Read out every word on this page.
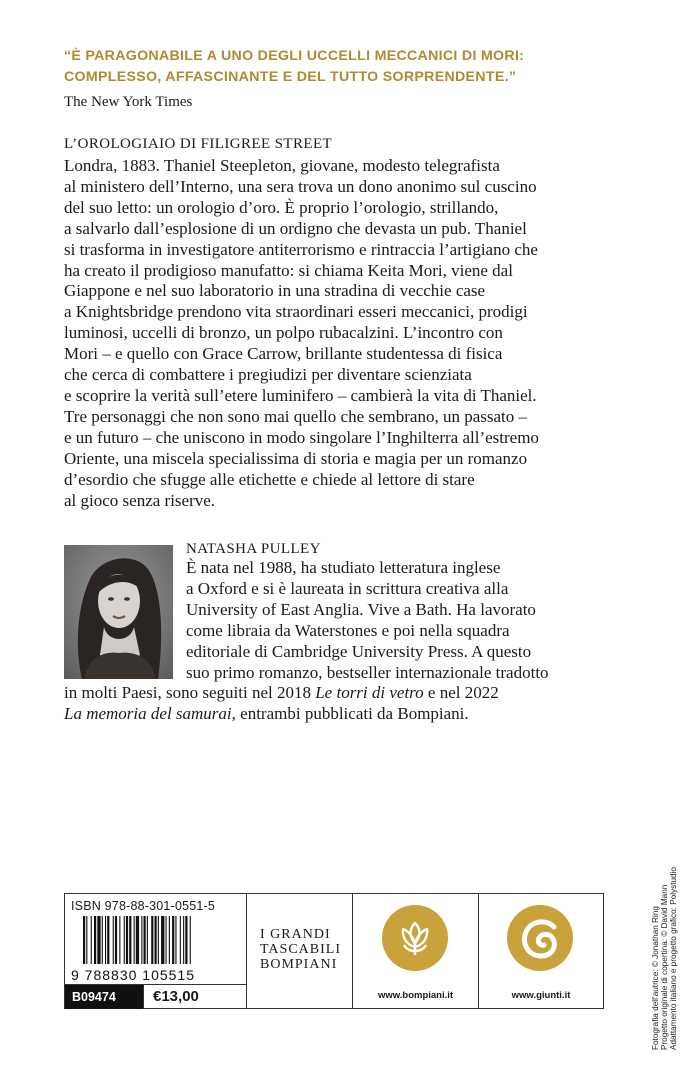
“È PARAGONABILE A UNO DEGLI UCCELLI MECCANICI DI MORI:
COMPLESSO, AFFASCINANTE E DEL TUTTO SORPRENDENTE.”
The New York Times
L’OROLOGIAIO DI FILIGREE STREET
Londra, 1883. Thaniel Steepleton, giovane, modesto telegrafista
al ministero dell’Interno, una sera trova un dono anonimo sul cuscino
del suo letto: un orologio d’oro. È proprio l’orologio, strillando,
a salvarlo dall’esplosione di un ordigno che devasta un pub. Thaniel
si trasforma in investigatore antiterrorismo e rintraccia l’artigiano che
ha creato il prodigioso manufatto: si chiama Keita Mori, viene dal
Giappone e nel suo laboratorio in una stradina di vecchie case
a Knightsbridge prendono vita straordinari esseri meccanici, prodigi
luminosi, uccelli di bronzo, un polpo rubacalzini. L’incontro con
Mori – e quello con Grace Carrow, brillante studentessa di fisica
che cerca di combattere i pregiudizi per diventare scienziata
e scoprire la verità sull’etere luminifero – cambierà la vita di Thaniel.
Tre personaggi che non sono mai quello che sembrano, un passato –
e un futuro – che uniscono in modo singolare l’Inghilterra all’estremo
Oriente, una miscela specialissima di storia e magia per un romanzo
d’esordio che sfugge alle etichette e chiede al lettore di stare
al gioco senza riserve.
NATASHA PULLEY
È nata nel 1988, ha studiato letteratura inglese
a Oxford e si è laureata in scrittura creativa alla
University of East Anglia. Vive a Bath. Ha lavorato
come libraia da Waterstones e poi nella squadra
editoriale di Cambridge University Press. A questo
suo primo romanzo, bestseller internazionale tradotto
in molti Paesi, sono seguiti nel 2018 Le torri di vetro e nel 2022
La memoria del samurai, entrambi pubblicati da Bompiani.
Fotografia dell’autrice: © Jonathan Ring Progetto originale di copertina: © David Mann Adattamento italiano e progetto grafico: Polystudio
ISBN 978-88-301-0551-5
9 788830 105515
B09474	€13,00
I GRANDI
TASCABILI
BOMPIANI
www.bompiani.it	www.giunti.it
